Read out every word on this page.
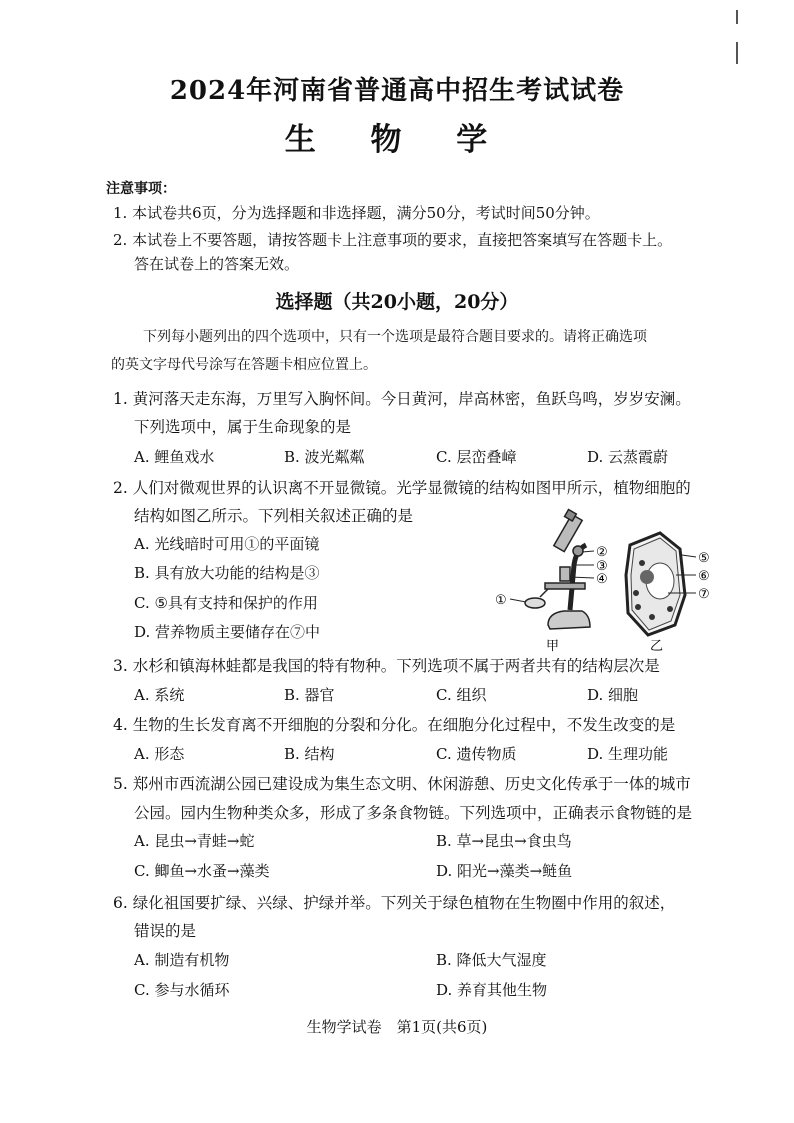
2024年河南省普通高中招生考试试卷
生 物 学
注意事项：
1. 本试卷共6页，分为选择题和非选择题，满分50分，考试时间50分钟。
2. 本试卷上不要答题，请按答题卡上注意事项的要求，直接把答案填写在答题卡上。
答在试卷上的答案无效。
选择题（共20小题，20分）
下列每小题列出的四个选项中，只有一个选项是最符合题目要求的。请将正确选项
的英文字母代号涂写在答题卡相应位置上。
1. 黄河落天走东海，万里写入胸怀间。今日黄河，岸高林密，鱼跃鸟鸣，岁岁安澜。
下列选项中，属于生命现象的是
A. 鲤鱼戏水	B. 波光粼粼	C. 层峦叠嶂	D. 云蒸霞蔚
2. 人们对微观世界的认识离不开显微镜。光学显微镜的结构如图甲所示，植物细胞的
结构如图乙所示。下列相关叙述正确的是
A. 光线暗时可用①的平面镜
B. 具有放大功能的结构是③
C. ⑤具有支持和保护的作用
D. 营养物质主要储存在⑦中
②
③
④
①
⑤
⑥
⑦
甲	乙
3. 水杉和镇海林蛙都是我国的特有物种。下列选项不属于两者共有的结构层次是
A. 系统	B. 器官	C. 组织	D. 细胞
4. 生物的生长发育离不开细胞的分裂和分化。在细胞分化过程中，不发生改变的是
A. 形态	B. 结构	C. 遗传物质	D. 生理功能
5. 郑州市西流湖公园已建设成为集生态文明、休闲游憩、历史文化传承于一体的城市
公园。园内生物种类众多，形成了多条食物链。下列选项中，正确表示食物链的是
A. 昆虫→青蛙→蛇	B. 草→昆虫→食虫鸟
C. 鲫鱼→水蚤→藻类	D. 阳光→藻类→鲢鱼
6. 绿化祖国要扩绿、兴绿、护绿并举。下列关于绿色植物在生物圈中作用的叙述，
错误的是
A. 制造有机物	B. 降低大气湿度
C. 参与水循环	D. 养育其他生物
生物学试卷　第1页(共6页)
